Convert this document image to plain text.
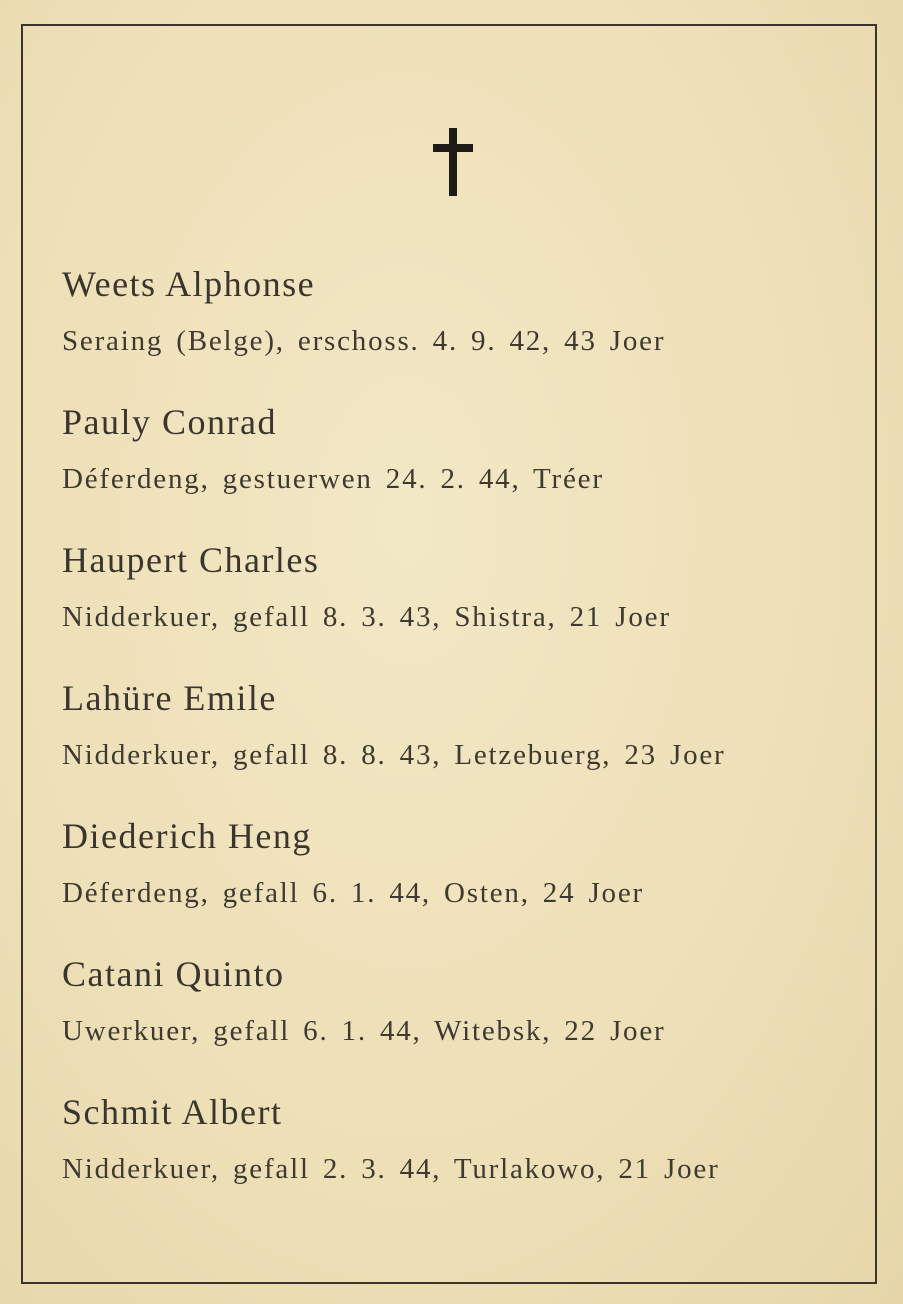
Weets Alphonse
Seraing (Belge), erschoss. 4. 9. 42, 43 Joer
Pauly Conrad
Déferdeng, gestuerwen 24. 2. 44, Tréer
Haupert Charles
Nidderkuer, gefall 8. 3. 43, Shistra, 21 Joer
Lahüre Emile
Nidderkuer, gefall 8. 8. 43, Letzebuerg, 23 Joer
Diederich Heng
Déferdeng, gefall 6. 1. 44, Osten, 24 Joer
Catani Quinto
Uwerkuer, gefall 6. 1. 44, Witebsk, 22 Joer
Schmit Albert
Nidderkuer, gefall 2. 3. 44, Turlakowo, 21 Joer
